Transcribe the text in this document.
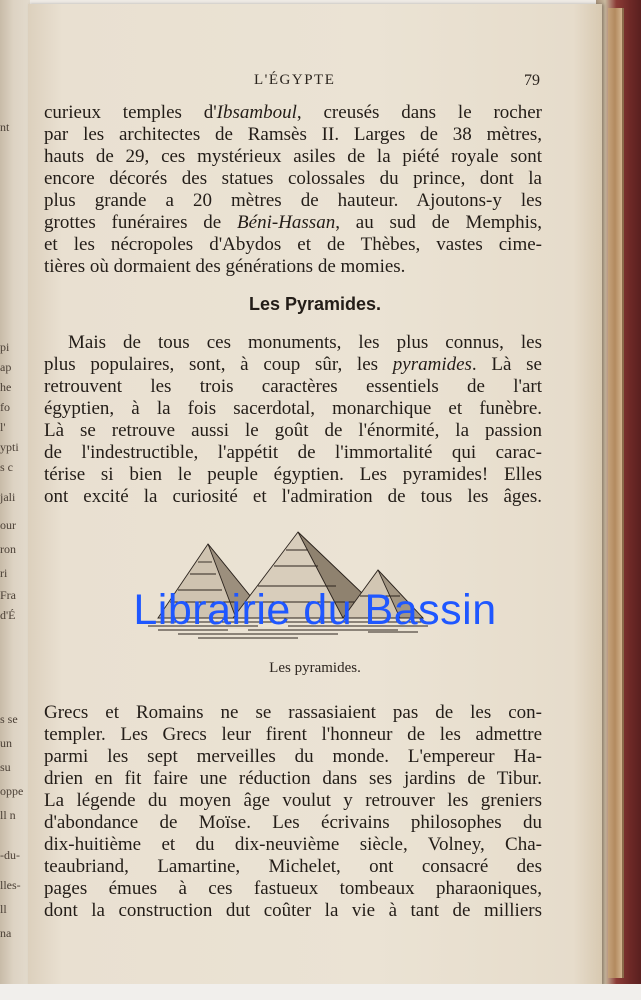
nt
pi
ap
he
fo
l'
ypti
s c
jali
our
ron
ri
Fra
d'É
s se
un
su
oppe
ll n
-du-
lles-
ll
na
L'ÉGYPTE	79
curieux temples d'Ibsamboul, creusés dans le rocher
par les architectes de Ramsès II. Larges de 38 mètres,
hauts de 29, ces mystérieux asiles de la piété royale sont
encore décorés des statues colossales du prince, dont la
plus grande a 20 mètres de hauteur. Ajoutons-y les
grottes funéraires de Béni-Hassan, au sud de Memphis,
et les nécropoles d'Abydos et de Thèbes, vastes cime-
tières où dormaient des générations de momies.
Les Pyramides.
Mais de tous ces monuments, les plus connus, les
plus populaires, sont, à coup sûr, les pyramides. Là se
retrouvent les trois caractères essentiels de l'art
égyptien, à la fois sacerdotal, monarchique et funèbre.
Là se retrouve aussi le goût de l'énormité, la passion
de l'indestructible, l'appétit de l'immortalité qui carac-
térise si bien le peuple égyptien. Les pyramides! Elles
ont excité la curiosité et l'admiration de tous les âges.
Librairie du Bassin
Les pyramides.
Grecs et Romains ne se rassasiaient pas de les con-
templer. Les Grecs leur firent l'honneur de les admettre
parmi les sept merveilles du monde. L'empereur Ha-
drien en fit faire une réduction dans ses jardins de Tibur.
La légende du moyen âge voulut y retrouver les greniers
d'abondance de Moïse. Les écrivains philosophes du
dix-huitième et du dix-neuvième siècle, Volney, Cha-
teaubriand, Lamartine, Michelet, ont consacré des
pages émues à ces fastueux tombeaux pharaoniques,
dont la construction dut coûter la vie à tant de milliers
